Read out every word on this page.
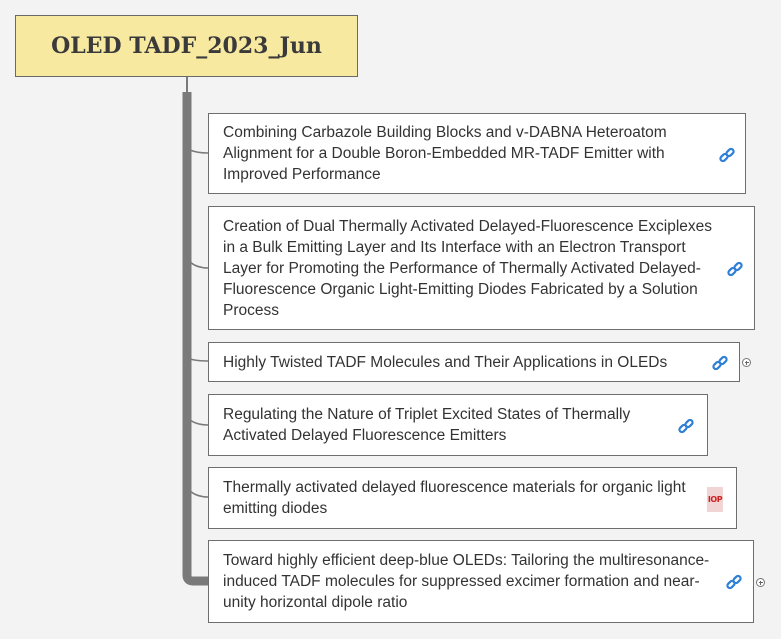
OLED TADF_2023_Jun
Combining Carbazole Building Blocks and v-DABNA Heteroatom Alignment for a Double Boron-Embedded MR-TADF Emitter with Improved Performance
Creation of Dual Thermally Activated Delayed-Fluorescence Exciplexes in a Bulk Emitting Layer and Its Interface with an Electron Transport Layer for Promoting the Performance of Thermally Activated Delayed-Fluorescence Organic Light-Emitting Diodes Fabricated by a Solution Process
Highly Twisted TADF Molecules and Their Applications in OLEDs
Regulating the Nature of Triplet Excited States of Thermally Activated Delayed Fluorescence Emitters
Thermally activated delayed fluorescence materials for organic light emitting diodes
IOP
Toward highly efficient deep-blue OLEDs: Tailoring the multiresonance-induced TADF molecules for suppressed excimer formation and near-unity horizontal dipole ratio
